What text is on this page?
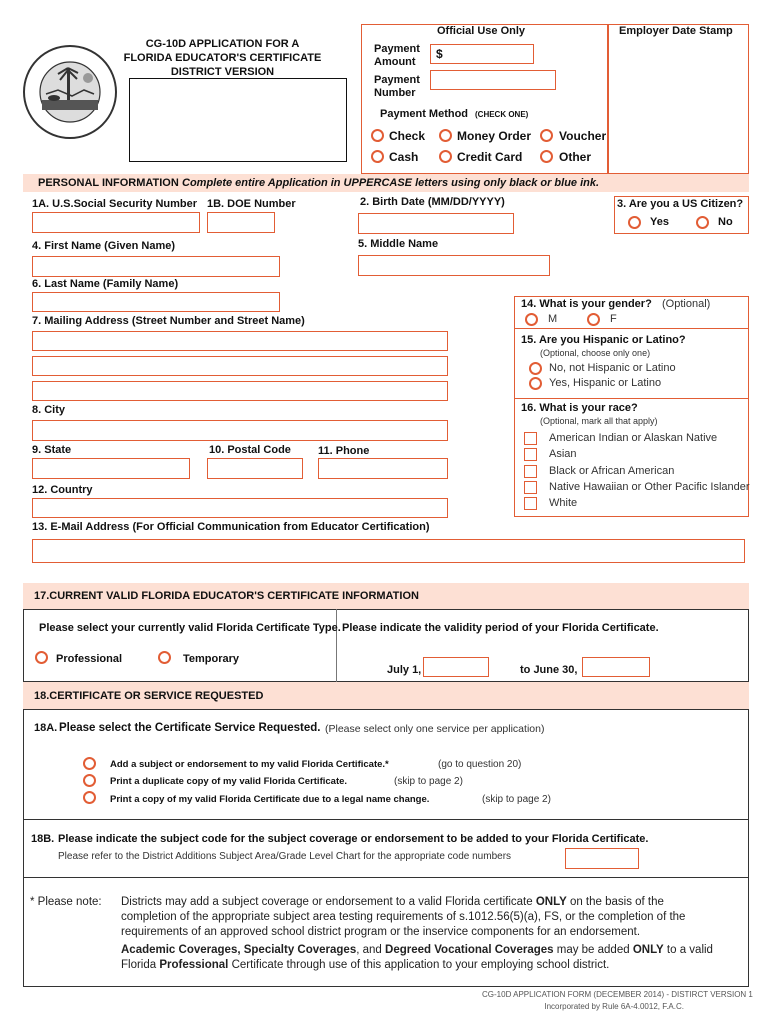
CG-10D APPLICATION FOR A
FLORIDA EDUCATOR'S CERTIFICATE
DISTRICT VERSION
Official Use Only
Payment
Amount
$
Payment
Number
Payment Method (CHECK ONE)
Check	Money Order Voucher
Cash	Credit Card	Other
Employer Date Stamp
PERSONAL INFORMATION Complete entire Application in UPPERCASE letters using only black or blue ink.
1A. U.S.Social Security Number 1B. DOE Number	2. Birth Date (MM/DD/YYYY)	3. Are you a US Citizen?
Yes	No
4. First Name (Given Name)	5. Middle Name
6. Last Name (Family Name)
7. Mailing Address (Street Number and Street Name)
8. City
9. State	10. Postal Code 11. Phone
12. Country
13. E-Mail Address (For Official Communication from Educator Certification)
14. What is your gender? (Optional)
M	F
15. Are you Hispanic or Latino?
(Optional, choose only one)
No, not Hispanic or Latino
Yes, Hispanic or Latino
16. What is your race?
(Optional, mark all that apply)
American Indian or Alaskan Native
Asian
Black or African American
Native Hawaiian or Other Pacific Islander
White
17.CURRENT VALID FLORIDA EDUCATOR'S CERTIFICATE INFORMATION
Please select your currently valid Florida Certificate Type. Please indicate the validity period of your Florida Certificate.
Professional	Temporary
July 1,	to June 30,
18.CERTIFICATE OR SERVICE REQUESTED
18A. Please select the Certificate Service Requested. (Please select only one service per application)
Add a subject or endorsement to my valid Florida Certificate.*	(go to question 20)
Print a duplicate copy of my valid Florida Certificate.	(skip to page 2)
Print a copy of my valid Florida Certificate due to a legal name change.	(skip to page 2)
18B. Please indicate the subject code for the subject coverage or endorsement to be added to your Florida Certificate.
Please refer to the District Additions Subject Area/Grade Level Chart for the appropriate code numbers
* Please note: Districts may add a subject coverage or endorsement to a valid Florida certificate ONLY on the basis of the
completion of the appropriate subject area testing requirements of s.1012.56(5)(a), FS, or the completion of the
requirements of an approved school district program or the inservice components for an endorsement.
Academic Coverages, Specialty Coverages, and Degreed Vocational Coverages may be added ONLY to a valid
Florida Professional Certificate through use of this application to your employing school district.
CG-10D APPLICATION FORM (DECEMBER 2014) - DISTIRCT VERSION 1
Incorporated by Rule 6A-4.0012, F.A.C.
